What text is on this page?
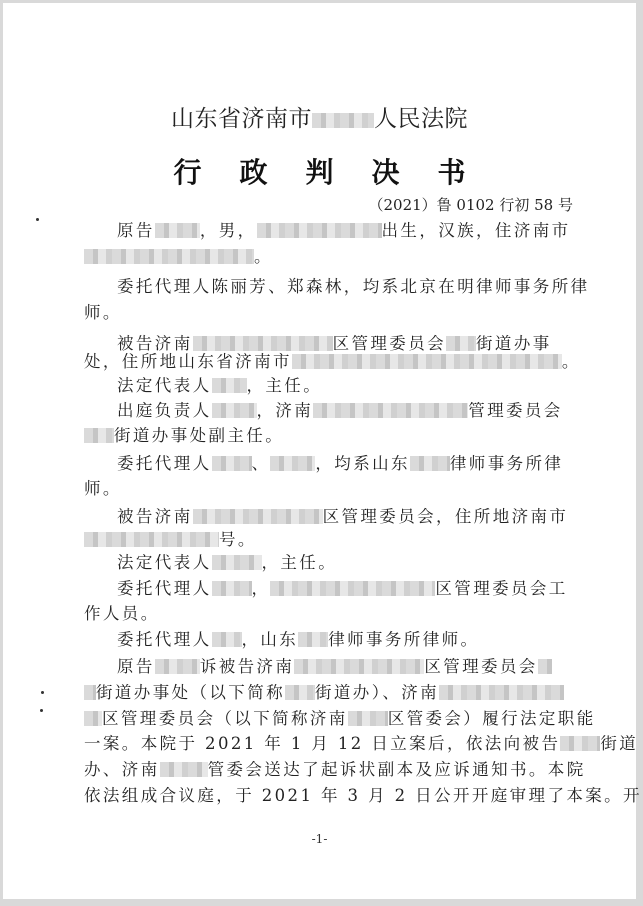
山东省济南市	人民法院
行政判决书
（2021）鲁 0102 行初 58 号
原告	，男，	出生，汉族，住济南市
。
委托代理人陈丽芳、郑森林，均系北京在明律师事务所律
师。
被告济南	区管理委员会 街道办事
处，住所地山东省济南市	。
法定代表人 ，主任。
出庭负责人	，济南	管理委员会
街道办事处副主任。
委托代理人 、	，均系山东 律师事务所律
师。
被告济南	区管理委员会，住所地济南市
号。
法定代表人	，主任。
委托代理人 ，	区管理委员会工
作人员。
委托代理人 ，山东 律师事务所律师。
原告	诉被告济南	区管理委员会
街道办事处（以下简称 街道办）、济南
区管理委员会（以下简称济南 区管委会）履行法定职能
一案。本院于 2021 年 1 月 12 日立案后，依法向被告 街道
办、济南	管委会送达了起诉状副本及应诉通知书。本院
依法组成合议庭，于 2021 年 3 月 2 日公开开庭审理了本案。开
-1-
